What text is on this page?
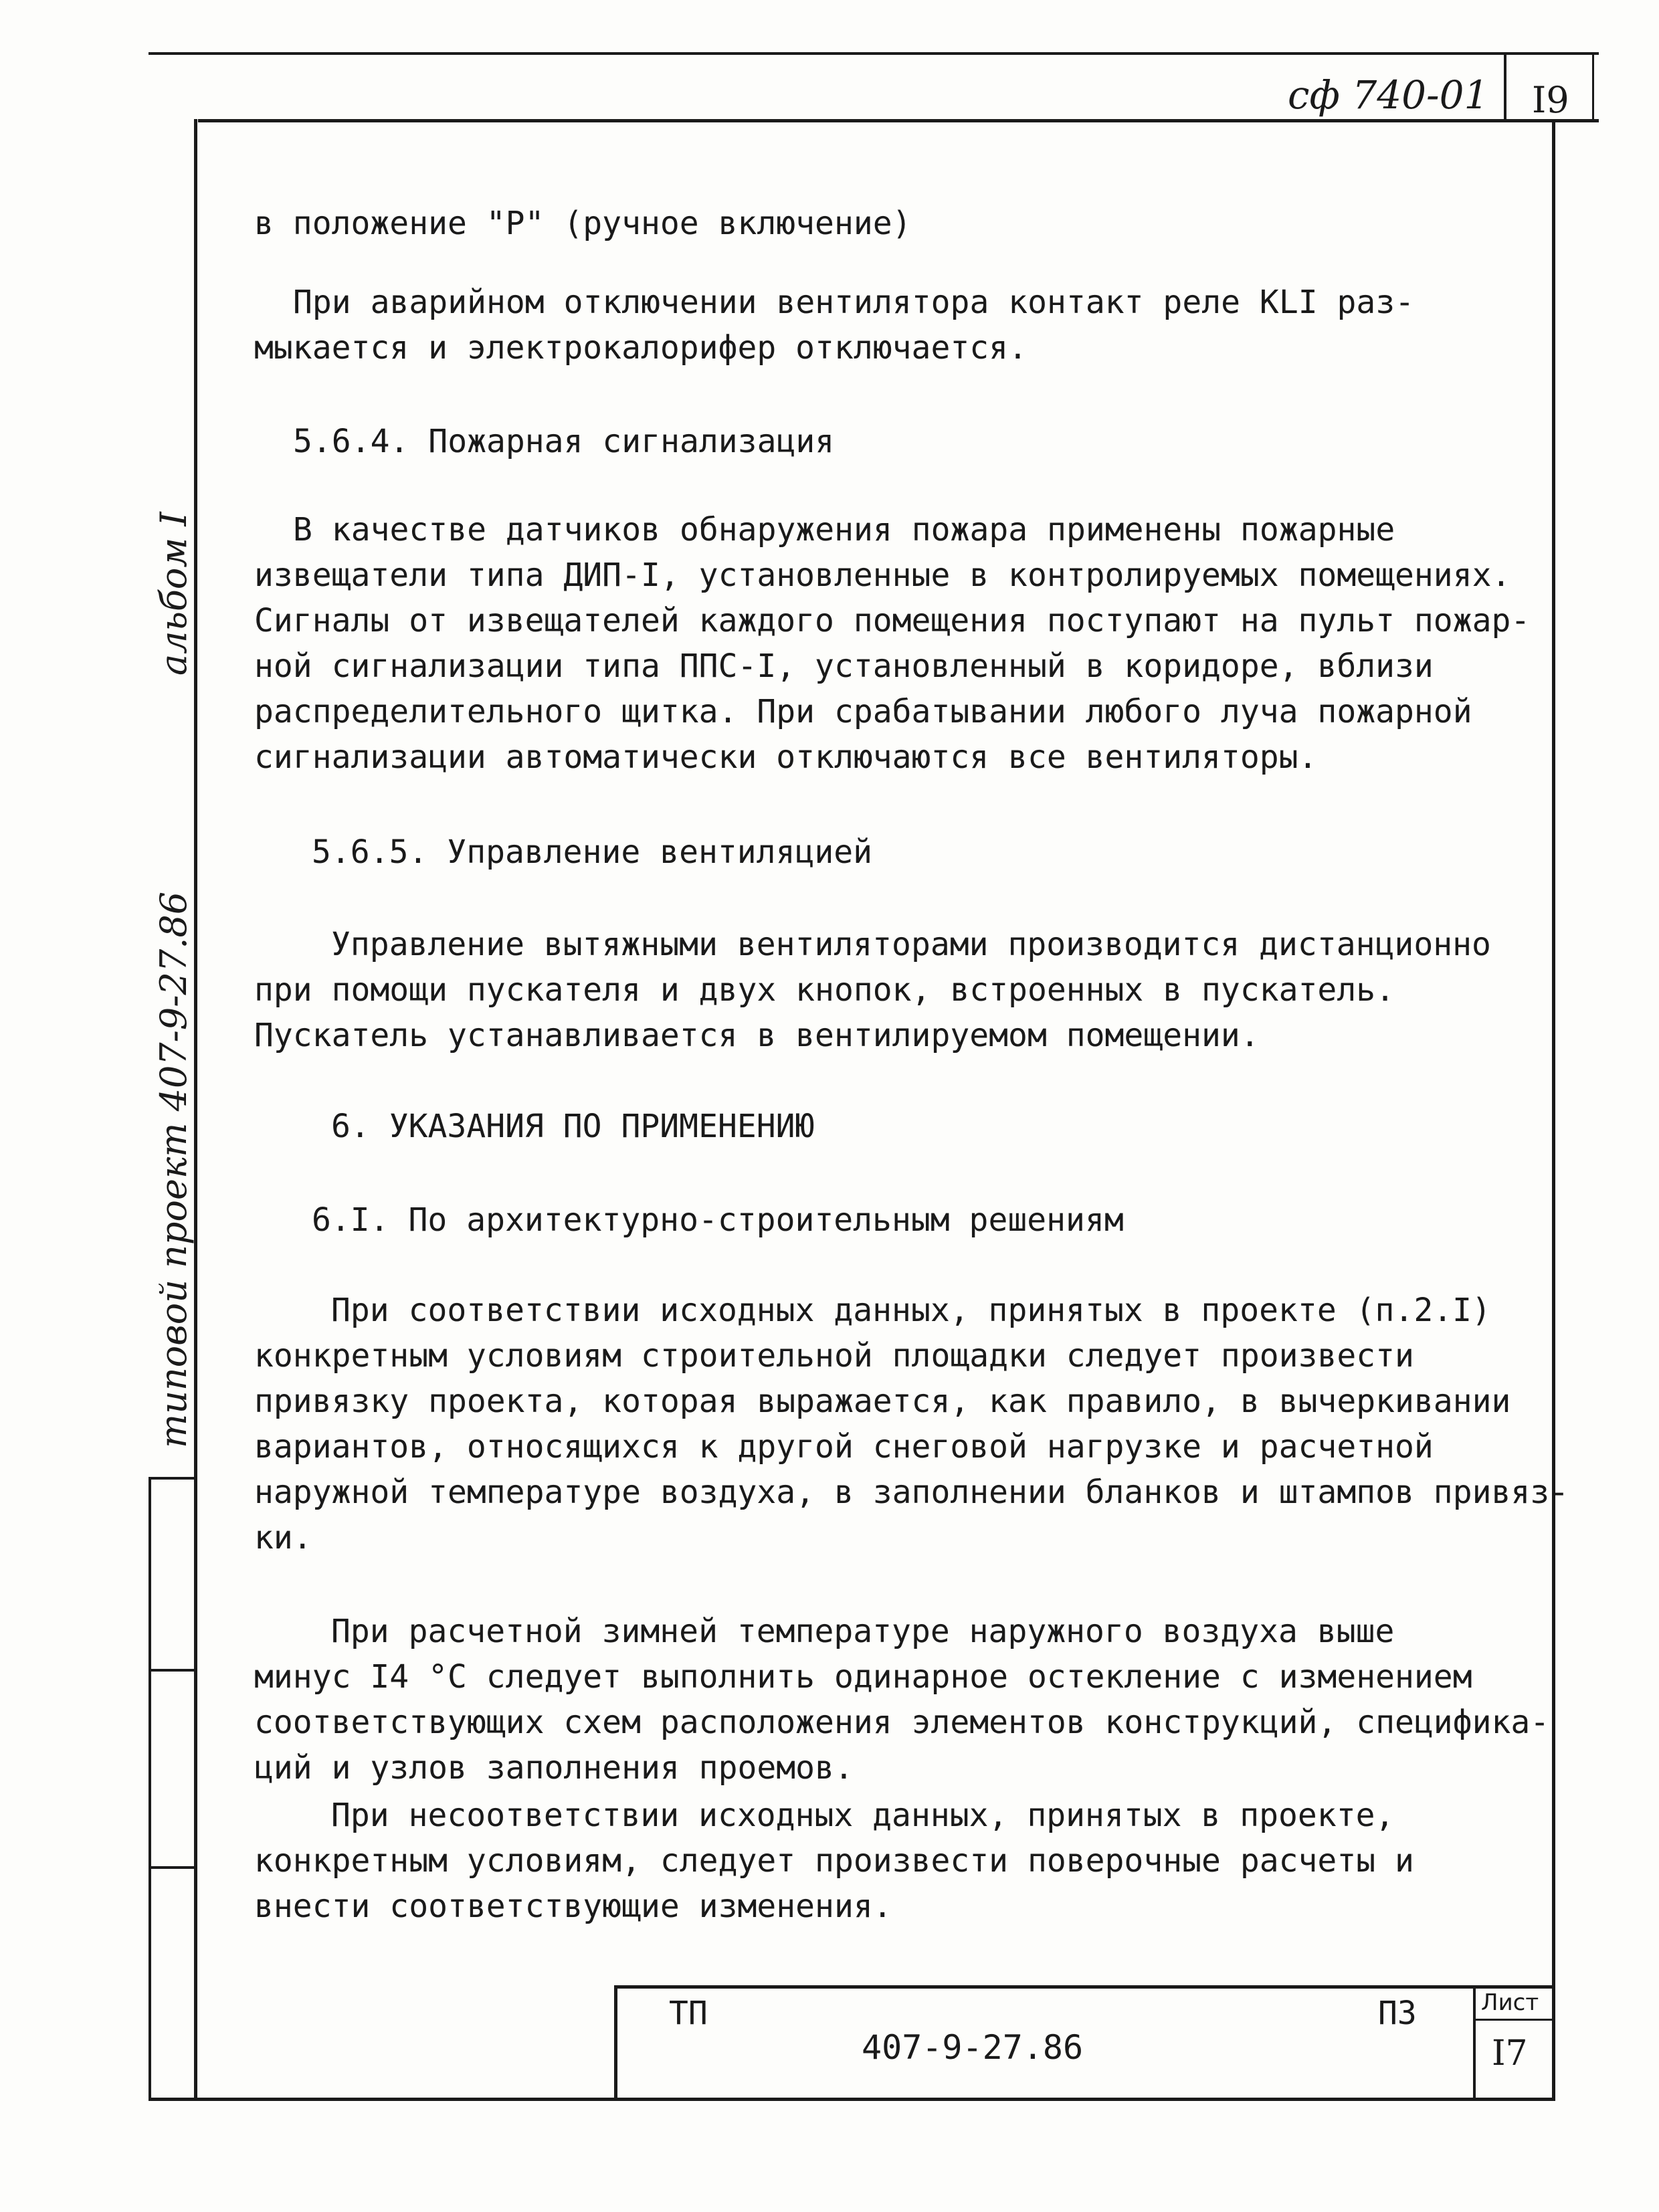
сф 740-01 I9
альбом I
типовой проект 407-9-27.86
в положение "Р" (ручное включение)
При аварийном отключении вентилятора контакт реле KLI раз-
мыкается и электрокалорифер отключается.
5.6.4. Пожарная сигнализация
В качестве датчиков обнаружения пожара применены пожарные
извещатели типа ДИП-I, установленные в контролируемых помещениях.
Сигналы от извещателей каждого помещения поступают на пульт пожар-
ной сигнализации типа ППС-I, установленный в коридоре, вблизи
распределительного щитка. При срабатывании любого луча пожарной
сигнализации автоматически отключаются все вентиляторы.
5.6.5. Управление вентиляцией
Управление вытяжными вентиляторами производится дистанционно
при помощи пускателя и двух кнопок, встроенных в пускатель.
Пускатель устанавливается в вентилируемом помещении.
6. УКАЗАНИЯ ПО ПРИМЕНЕНИЮ
6.I. По архитектурно-строительным решениям
При соответствии исходных данных, принятых в проекте (п.2.I)
конкретным условиям строительной площадки следует произвести
привязку проекта, которая выражается, как правило, в вычеркивании
вариантов, относящихся к другой снеговой нагрузке и расчетной
наружной температуре воздуха, в заполнении бланков и штампов привяз-
ки.
При расчетной зимней температуре наружного воздуха выше
минус I4 °С следует выполнить одинарное остекление с изменением
соответствующих схем расположения элементов конструкций, специфика-
ций и узлов заполнения проемов.
При несоответствии исходных данных, принятых в проекте,
конкретным условиям, следует произвести поверочные расчеты и
внести соответствующие изменения.
ТП
407-9-27.86
ПЗ	Лист
I7
